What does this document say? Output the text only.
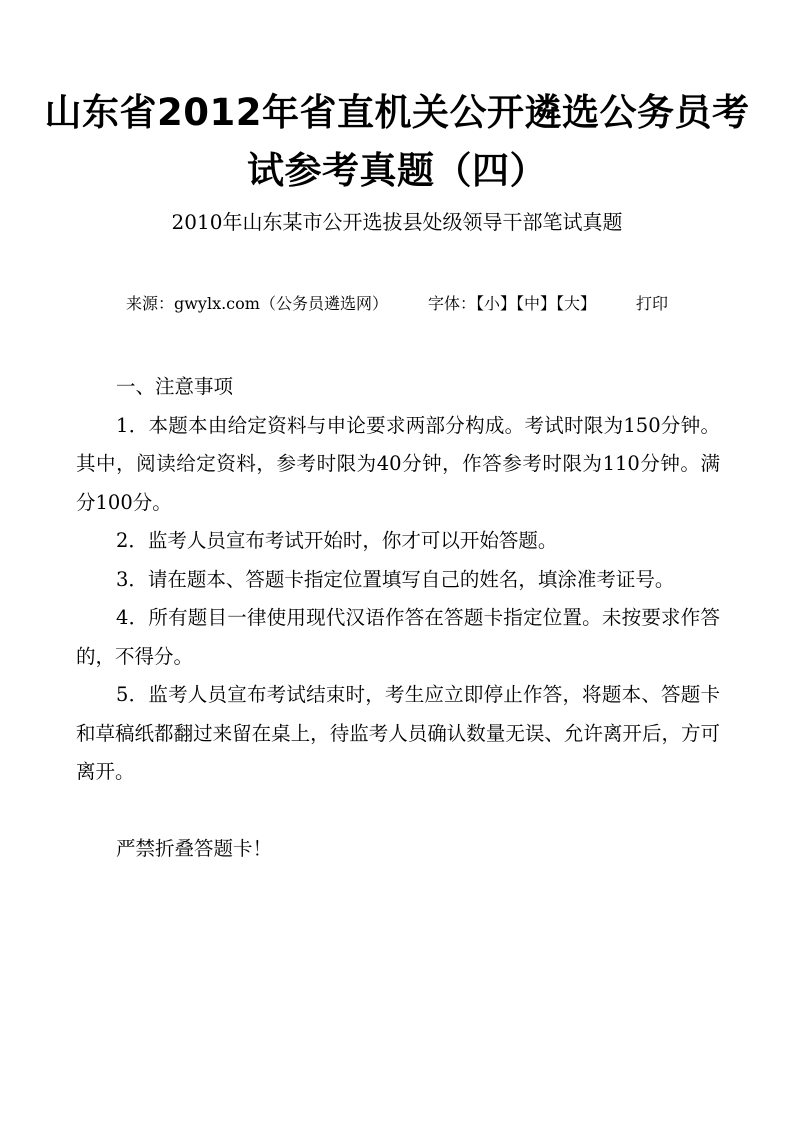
山东省2012年省直机关公开遴选公务员考试参考真题（四）
2010年山东某市公开选拔县处级领导干部笔试真题
来源：gwylx.com（公务员遴选网）	字体：【小】【中】【大】	打印

一、注意事项

1．本题本由给定资料与申论要求两部分构成。考试时限为150分钟。其中，阅读给定资料，参考时限为40分钟，作答参考时限为110分钟。满分100分。

2．监考人员宣布考试开始时，你才可以开始答题。

3．请在题本、答题卡指定位置填写自己的姓名，填涂准考证号。

4．所有题目一律使用现代汉语作答在答题卡指定位置。未按要求作答的，不得分。

5．监考人员宣布考试结束时，考生应立即停止作答，将题本、答题卡和草稿纸都翻过来留在桌上，待监考人员确认数量无误、允许离开后，方可离开。

严禁折叠答题卡！
